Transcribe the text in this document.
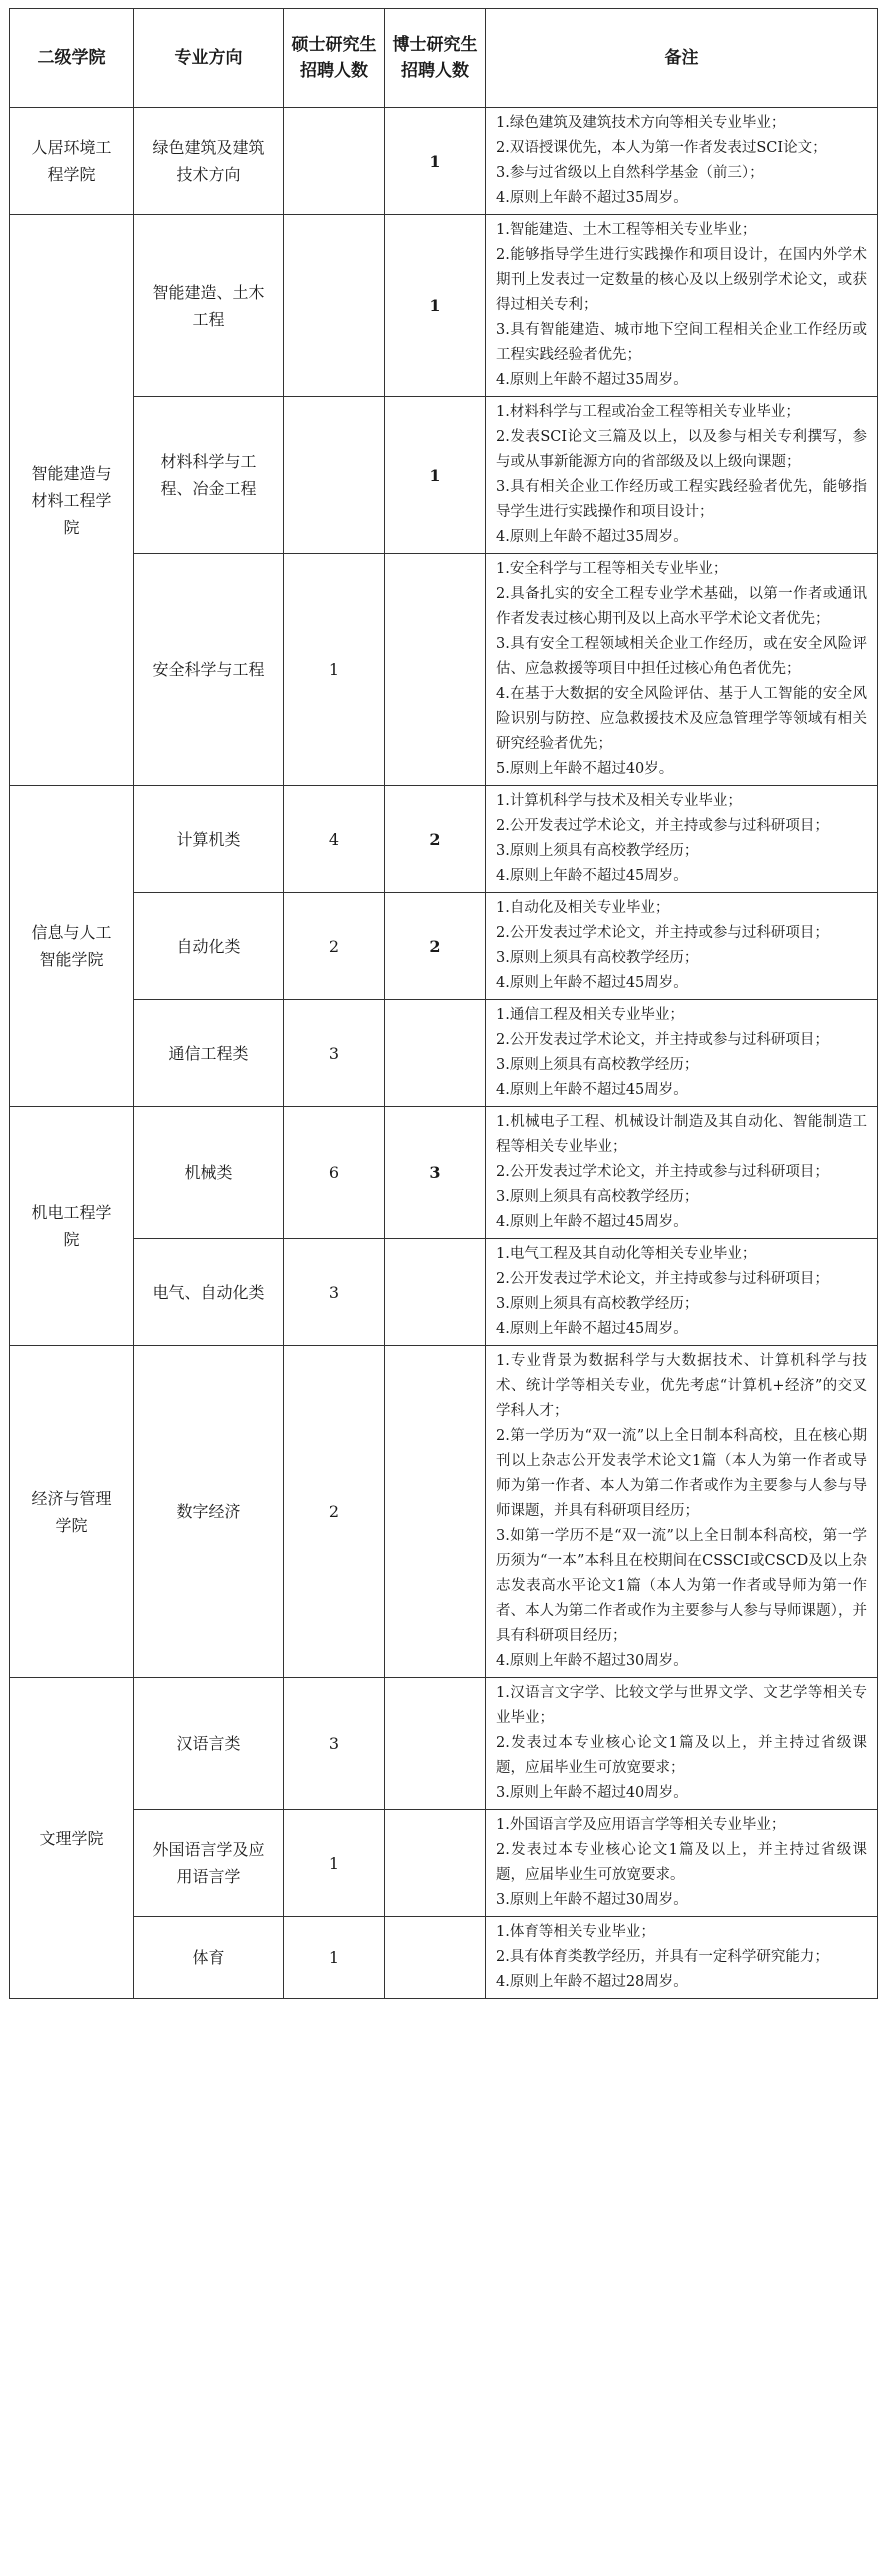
二级学院	专业方向	硕士研究生招聘人数	博士研究生招聘人数	备注
人居环境工程学院	绿色建筑及建筑技术方向		1	1.绿色建筑及建筑技术方向等相关专业毕业；
2.双语授课优先，本人为第一作者发表过SCI论文；
3.参与过省级以上自然科学基金（前三）；
4.原则上年龄不超过35周岁。

智能建造与材料工程学院	智能建造、土木工程		1	1.智能建造、土木工程等相关专业毕业；
2.能够指导学生进行实践操作和项目设计，在国内外学术期刊上发表过一定数量的核心及以上级别学术论文，或获得过相关专利；
3.具有智能建造、城市地下空间工程相关企业工作经历或工程实践经验者优先；
4.原则上年龄不超过35周岁。

	材料科学与工程、冶金工程		1	1.材料科学与工程或冶金工程等相关专业毕业；
2.发表SCI论文三篇及以上，以及参与相关专利撰写，参与或从事新能源方向的省部级及以上级向课题；
3.具有相关企业工作经历或工程实践经验者优先，能够指导学生进行实践操作和项目设计；
4.原则上年龄不超过35周岁。

	安全科学与工程	1		1.安全科学与工程等相关专业毕业；
2.具备扎实的安全工程专业学术基础，以第一作者或通讯作者发表过核心期刊及以上高水平学术论文者优先；
3.具有安全工程领域相关企业工作经历，或在安全风险评估、应急救援等项目中担任过核心角色者优先；
4.在基于大数据的安全风险评估、基于人工智能的安全风险识别与防控、应急救援技术及应急管理学等领域有相关研究经验者优先；
5.原则上年龄不超过40岁。

信息与人工智能学院	计算机类	4	2	1.计算机科学与技术及相关专业毕业；
2.公开发表过学术论文，并主持或参与过科研项目；
3.原则上须具有高校教学经历；
4.原则上年龄不超过45周岁。

	自动化类	2	2	1.自动化及相关专业毕业；
2.公开发表过学术论文，并主持或参与过科研项目；
3.原则上须具有高校教学经历；
4.原则上年龄不超过45周岁。

	通信工程类	3		1.通信工程及相关专业毕业；
2.公开发表过学术论文，并主持或参与过科研项目；
3.原则上须具有高校教学经历；
4.原则上年龄不超过45周岁。

机电工程学院	机械类	6	3	1.机械电子工程、机械设计制造及其自动化、智能制造工程等相关专业毕业；
2.公开发表过学术论文，并主持或参与过科研项目；
3.原则上须具有高校教学经历；
4.原则上年龄不超过45周岁。

	电气、自动化类	3		1.电气工程及其自动化等相关专业毕业；
2.公开发表过学术论文，并主持或参与过科研项目；
3.原则上须具有高校教学经历；
4.原则上年龄不超过45周岁。

经济与管理学院	数字经济	2		1.专业背景为数据科学与大数据技术、计算机科学与技术、统计学等相关专业，优先考虑“计算机+经济”的交叉学科人才；
2.第一学历为“双一流”以上全日制本科高校，且在核心期刊以上杂志公开发表学术论文1篇（本人为第一作者或导师为第一作者、本人为第二作者或作为主要参与人参与导师课题，并具有科研项目经历；
3.如第一学历不是“双一流”以上全日制本科高校，第一学历须为“一本”本科且在校期间在CSSCI或CSCD及以上杂志发表高水平论文1篇（本人为第一作者或导师为第一作者、本人为第二作者或作为主要参与人参与导师课题），并具有科研项目经历；
4.原则上年龄不超过30周岁。

文理学院	汉语言类	3		1.汉语言文字学、比较文学与世界文学、文艺学等相关专业毕业；
2.发表过本专业核心论文1篇及以上，并主持过省级课题，应届毕业生可放宽要求；
3.原则上年龄不超过40周岁。

	外国语言学及应用语言学	1		1.外国语言学及应用语言学等相关专业毕业；
2.发表过本专业核心论文1篇及以上，并主持过省级课题，应届毕业生可放宽要求。
3.原则上年龄不超过30周岁。

	体育	1		1.体育等相关专业毕业；
2.具有体育类教学经历，并具有一定科学研究能力；
4.原则上年龄不超过28周岁。
